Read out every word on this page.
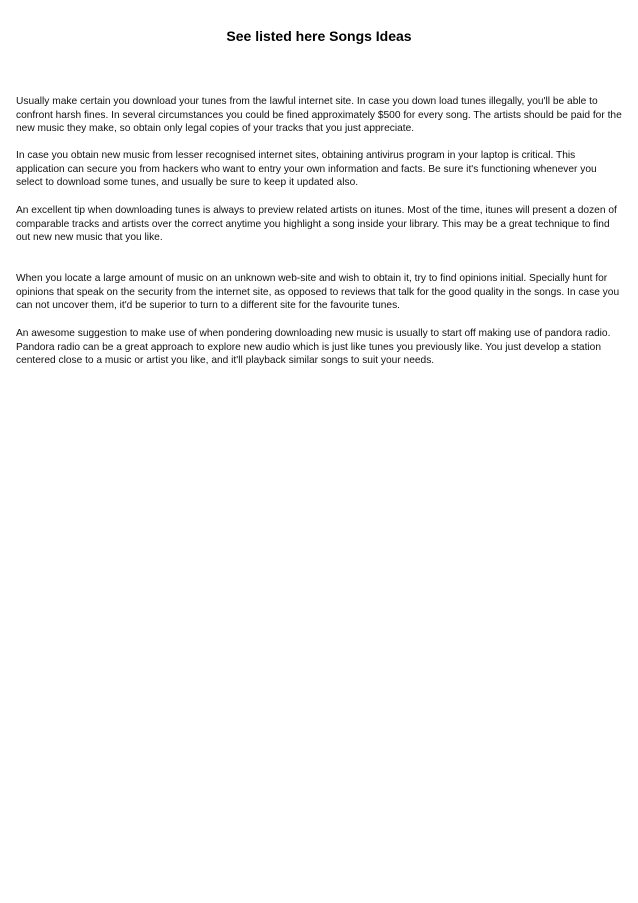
See listed here Songs Ideas

Usually make certain you download your tunes from the lawful internet site. In case you down load tunes illegally, you'll be able to confront harsh fines. In several circumstances you could be fined approximately $500 for every song. The artists should be paid for the new music they make, so obtain only legal copies of your tracks that you just appreciate.

In case you obtain new music from lesser recognised internet sites, obtaining antivirus program in your laptop is critical. This application can secure you from hackers who want to entry your own information and facts. Be sure it's functioning whenever you select to download some tunes, and usually be sure to keep it updated also.

An excellent tip when downloading tunes is always to preview related artists on itunes. Most of the time, itunes will present a dozen of comparable tracks and artists over the correct anytime you highlight a song inside your library. This may be a great technique to find out new new music that you like.

When you locate a large amount of music on an unknown web-site and wish to obtain it, try to find opinions initial. Specially hunt for opinions that speak on the security from the internet site, as opposed to reviews that talk for the good quality in the songs. In case you can not uncover them, it'd be superior to turn to a different site for the favourite tunes.

An awesome suggestion to make use of when pondering downloading new music is usually to start off making use of pandora radio. Pandora radio can be a great approach to explore new audio which is just like tunes you previously like. You just develop a station centered close to a music or artist you like, and it'll playback similar songs to suit your needs.
